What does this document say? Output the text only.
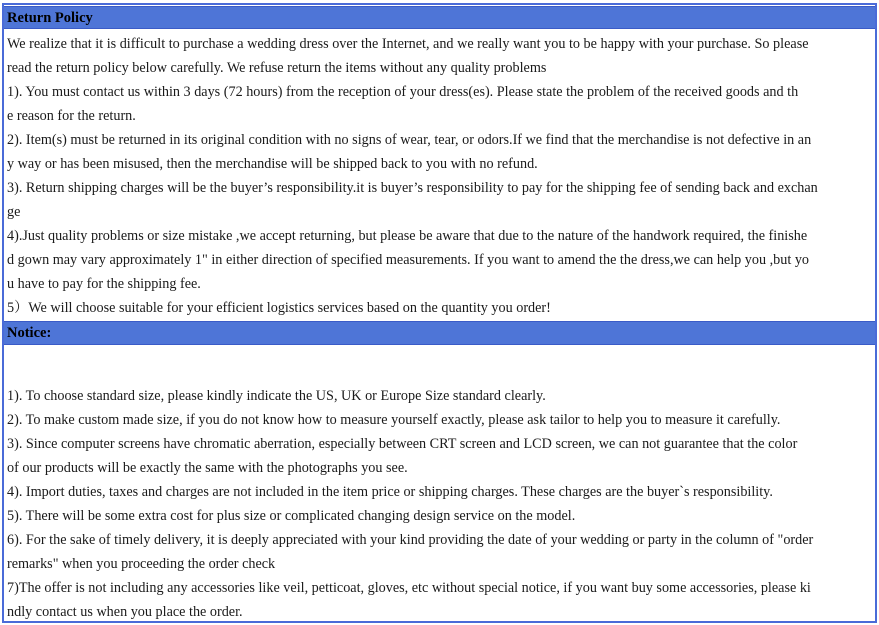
Return Policy
We realize that it is difficult to purchase a wedding dress over the Internet, and we really want you to be happy with your purchase. So please
read the return policy below carefully. We refuse return the items without any quality problems
1). You must contact us within 3 days (72 hours) from the reception of your dress(es). Please state the problem of the received goods and th
e reason for the return.
2). Item(s) must be returned in its original condition with no signs of wear, tear, or odors.If we find that the merchandise is not defective in an
y way or has been misused, then the merchandise will be shipped back to you with no refund.
3). Return shipping charges will be the buyer’s responsibility.it is buyer’s responsibility to pay for the shipping fee of sending back and exchan
ge
4).Just quality problems or size mistake ,we accept returning, but please be aware that due to the nature of the handwork required, the finishe
d gown may vary approximately 1" in either direction of specified measurements. If you want to amend the the dress,we can help you ,but yo
u have to pay for the shipping fee.
5）We will choose suitable for your efficient logistics services based on the quantity you order!
Notice:
1). To choose standard size, please kindly indicate the US, UK or Europe Size standard clearly.
2). To make custom made size, if you do not know how to measure yourself exactly, please ask tailor to help you to measure it carefully.
3). Since computer screens have chromatic aberration, especially between CRT screen and LCD screen, we can not guarantee that the color
of our products will be exactly the same with the photographs you see.
4). Import duties, taxes and charges are not included in the item price or shipping charges. These charges are the buyer`s responsibility.
5). There will be some extra cost for plus size or complicated changing design service on the model.
6). For the sake of timely delivery, it is deeply appreciated with your kind providing the date of your wedding or party in the column of "order
remarks" when you proceeding the order check
7)The offer is not including any accessories like veil, petticoat, gloves, etc without special notice, if you want buy some accessories, please ki
ndly contact us when you place the order.
